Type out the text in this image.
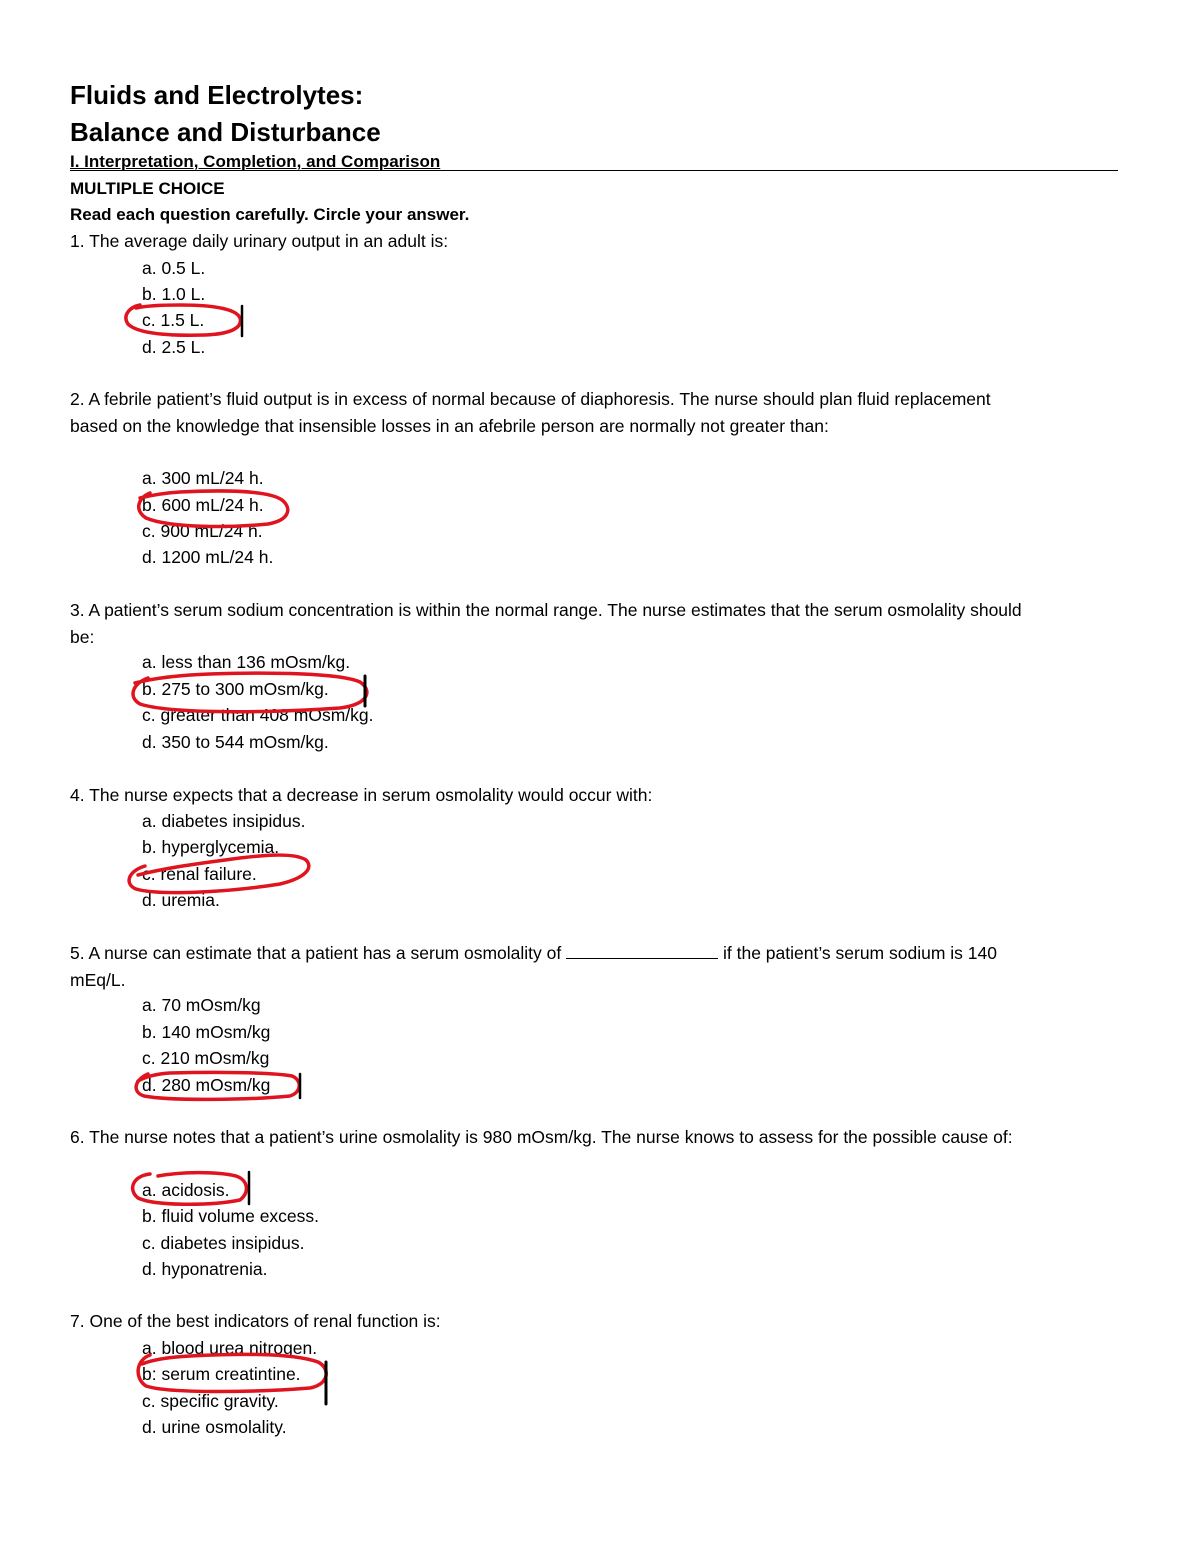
Fluids and Electrolytes:
Balance and Disturbance
I. Interpretation, Completion, and Comparison
MULTIPLE CHOICE
Read each question carefully. Circle your answer.
1. The average daily urinary output in an adult is:
a. 0.5 L.
b. 1.0 L.
c. 1.5 L.
d. 2.5 L.
2. A febrile patient’s fluid output is in excess of normal because of diaphoresis. The nurse should plan fluid replacement based on the knowledge that insensible losses in an afebrile person are normally not greater than:
a. 300 mL/24 h.
b. 600 mL/24 h.
c. 900 mL/24 h.
d. 1200 mL/24 h.
3. A patient’s serum sodium concentration is within the normal range. The nurse estimates that the serum osmolality should be:
a. less than 136 mOsm/kg.
b. 275 to 300 mOsm/kg.
c. greater than 408 mOsm/kg.
d. 350 to 544 mOsm/kg.
4. The nurse expects that a decrease in serum osmolality would occur with:
a. diabetes insipidus.
b. hyperglycemia.
c. renal failure.
d. uremia.
5. A nurse can estimate that a patient has a serum osmolality of	if the patient’s serum sodium is 140 mEq/L.
a. 70 mOsm/kg
b. 140 mOsm/kg
c. 210 mOsm/kg
d. 280 mOsm/kg
6. The nurse notes that a patient’s urine osmolality is 980 mOsm/kg. The nurse knows to assess for the possible cause of:
a. acidosis.
b. fluid volume excess.
c. diabetes insipidus.
d. hyponatrenia.
7. One of the best indicators of renal function is:
a. blood urea nitrogen.
b: serum creatintine.
c. specific gravity.
d. urine osmolality.
